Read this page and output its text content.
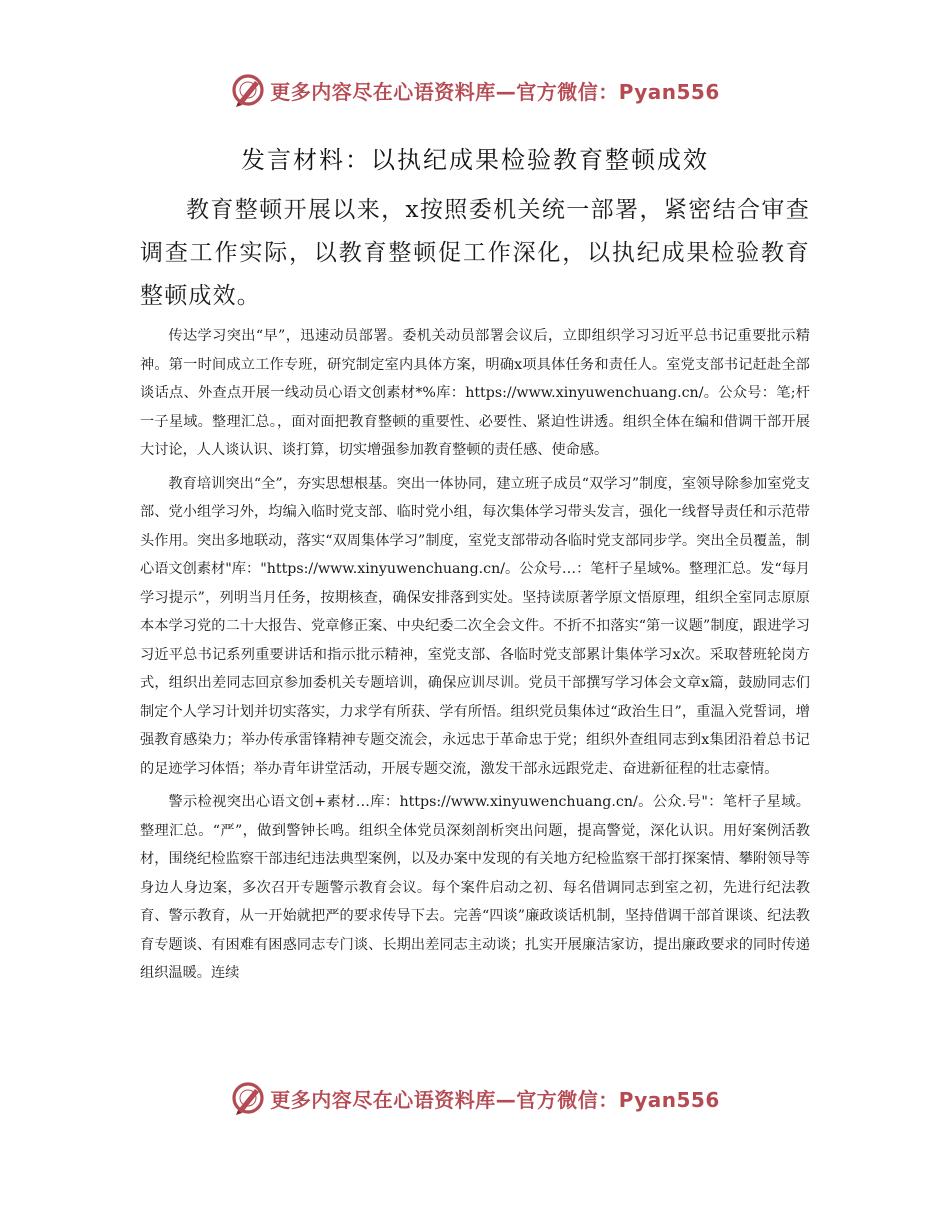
更多内容尽在心语资料库—官方微信：Pyan556
发言材料：以执纪成果检验教育整顿成效

教育整顿开展以来，x按照委机关统一部署，紧密结合审查调查工作实际，以教育整顿促工作深化，以执纪成果检验教育整顿成效。

传达学习突出“早”，迅速动员部署。委机关动员部署会议后，立即组织学习习近平总书记重要批示精神。第一时间成立工作专班，研究制定室内具体方案，明确x项具体任务和责任人。室党支部书记赶赴全部谈话点、外查点开展一线动员心语文创素材*%库：https://www.xinyuwenchuang.cn/。公众号：笔;杆一子星域。整理汇总。，面对面把教育整顿的重要性、必要性、紧迫性讲透。组织全体在编和借调干部开展大讨论，人人谈认识、谈打算，切实增强参加教育整顿的责任感、使命感。

教育培训突出“全”，夯实思想根基。突出一体协同，建立班子成员“双学习”制度，室领导除参加室党支部、党小组学习外，均编入临时党支部、临时党小组，每次集体学习带头发言，强化一线督导责任和示范带头作用。突出多地联动，落实“双周集体学习”制度，室党支部带动各临时党支部同步学。突出全员覆盖，制心语文创素材"库："https://www.xinyuwenchuang.cn/。公众号…：笔杆子星域%。整理汇总。发“每月学习提示”，列明当月任务，按期核查，确保安排落到实处。坚持读原著学原文悟原理，组织全室同志原原本本学习党的二十大报告、党章修正案、中央纪委二次全会文件。不折不扣落实“第一议题”制度，跟进学习习近平总书记系列重要讲话和指示批示精神，室党支部、各临时党支部累计集体学习x次。采取替班轮岗方式，组织出差同志回京参加委机关专题培训，确保应训尽训。党员干部撰写学习体会文章x篇，鼓励同志们制定个人学习计划并切实落实，力求学有所获、学有所悟。组织党员集体过“政治生日”，重温入党誓词，增强教育感染力；举办传承雷锋精神专题交流会，永远忠于革命忠于党；组织外查组同志到x集团沿着总书记的足迹学习体悟；举办青年讲堂活动，开展专题交流，激发干部永远跟党走、奋进新征程的壮志豪情。

警示检视突出心语文创+素材…库：https://www.xinyuwenchuang.cn/。公众.号"：笔杆子星域。整理汇总。“严”，做到警钟长鸣。组织全体党员深刻剖析突出问题，提高警觉，深化认识。用好案例活教材，围绕纪检监察干部违纪违法典型案例，以及办案中发现的有关地方纪检监察干部打探案情、攀附领导等身边人身边案，多次召开专题警示教育会议。每个案件启动之初、每名借调同志到室之初，先进行纪法教育、警示教育，从一开始就把严的要求传导下去。完善“四谈”廉政谈话机制，坚持借调干部首课谈、纪法教育专题谈、有困难有困惑同志专门谈、长期出差同志主动谈；扎实开展廉洁家访，提出廉政要求的同时传递组织温暖。连续

更多内容尽在心语资料库—官方微信：Pyan556
